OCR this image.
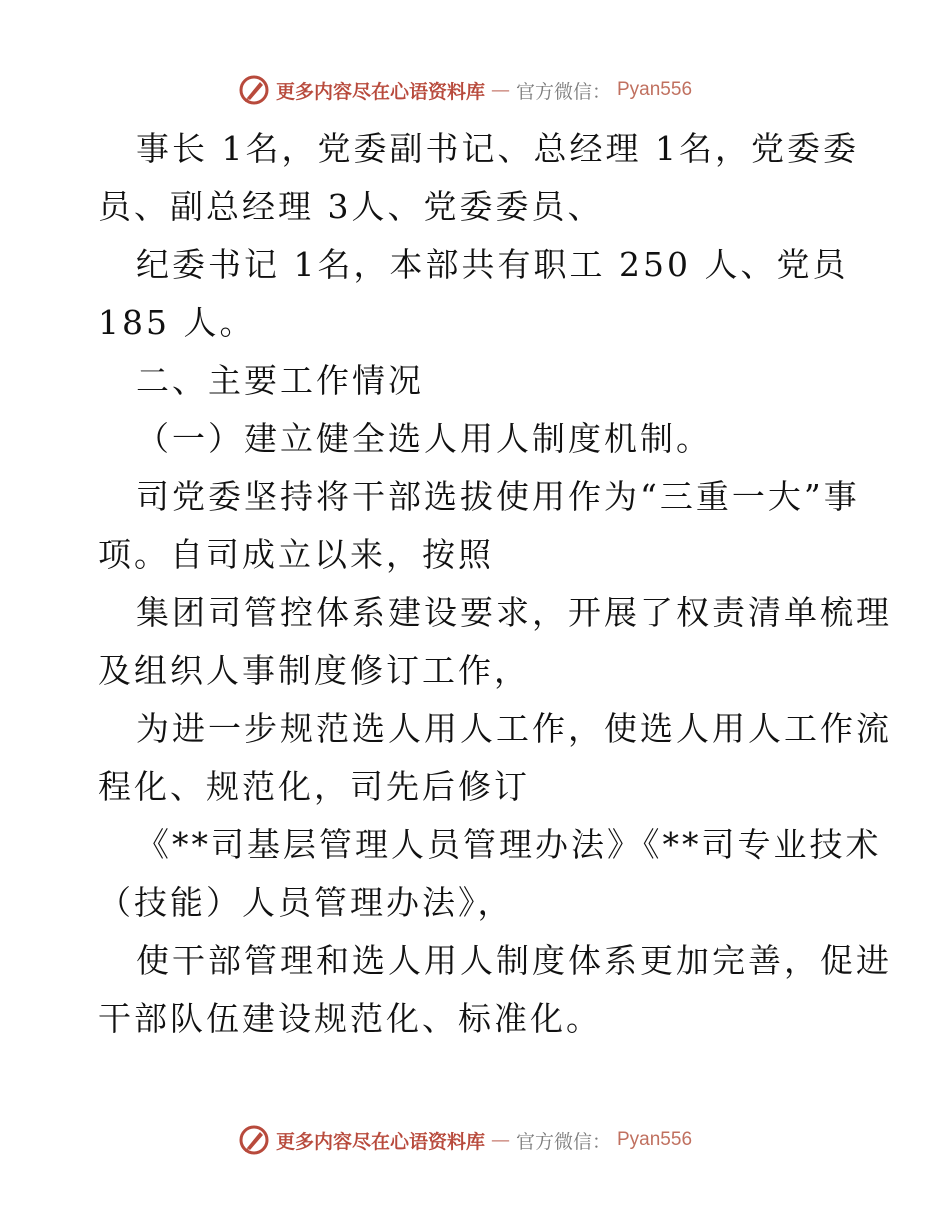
更多内容尽在心语资料库 — 官方微信： Pyan556
事长 1名，党委副书记、总经理 1名，党委委
员、副总经理 3人、党委委员、
纪委书记 1名，本部共有职工 250 人、党员
185 人。
二、主要工作情况
（一）建立健全选人用人制度机制。
司党委坚持将干部选拔使用作为“三重一大”事
项。自司成立以来，按照
集团司管控体系建设要求，开展了权责清单梳理
及组织人事制度修订工作，
为进一步规范选人用人工作，使选人用人工作流
程化、规范化，司先后修订
《**司基层管理人员管理办法》《**司专业技术
（技能）人员管理办法》，
使干部管理和选人用人制度体系更加完善，促进
干部队伍建设规范化、标准化。
更多内容尽在心语资料库 — 官方微信： Pyan556
